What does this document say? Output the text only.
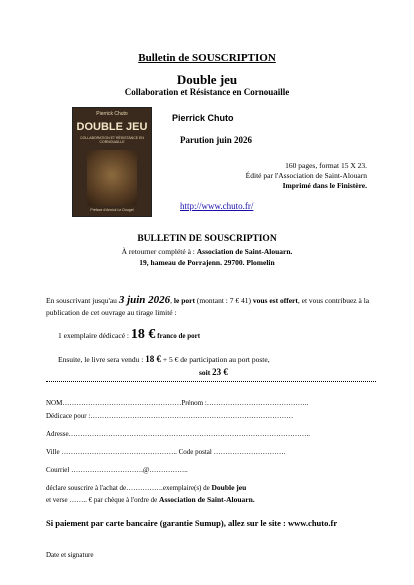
Bulletin de SOUSCRIPTION
Double jeu
Collaboration et Résistance en Cornouaille
Pierrick Chuto
DOUBLE JEU
COLLABORATION ET RÉSISTANCE EN CORNOUAILLE
Préface d'Annick Le Douget
Pierrick Chuto
Parution juin 2026
160 pages, format 15 X 23.
Édité par l'Association de Saint-Alouarn
Imprimé dans le Finistère.
http://www.chuto.fr/
BULLETIN DE SOUSCRIPTION
À retourner complété à : Association de Saint-Alouarn.
19, hameau de Porrajenn. 29700. Plomelin
En souscrivant jusqu'au 3 juin 2026, le port (montant : 7 € 41) vous est offert, et vous contribuez à la publication de cet ouvrage au tirage limité :
1 exemplaire dédicacé : 18 € franco de port
Ensuite, le livre sera vendu : 18 € + 5 € de participation au port poste,
soit 23 €
NOM……………………………………………Prénom :……………………………………..
Dédicace pour :……………………………………………………………………………
Adresse…………………………………………………………………………………………..
Ville ………………………………………….. Code postal ………………………….
Courriel ………………………….@……………..
déclare souscrire à l'achat de…………….exemplaire(s) de Double jeu
et verse …….. € par chèque à l'ordre de Association de Saint-Alouarn.
Si paiement par carte bancaire (garantie Sumup), allez sur le site : www.chuto.fr
Date et signature
